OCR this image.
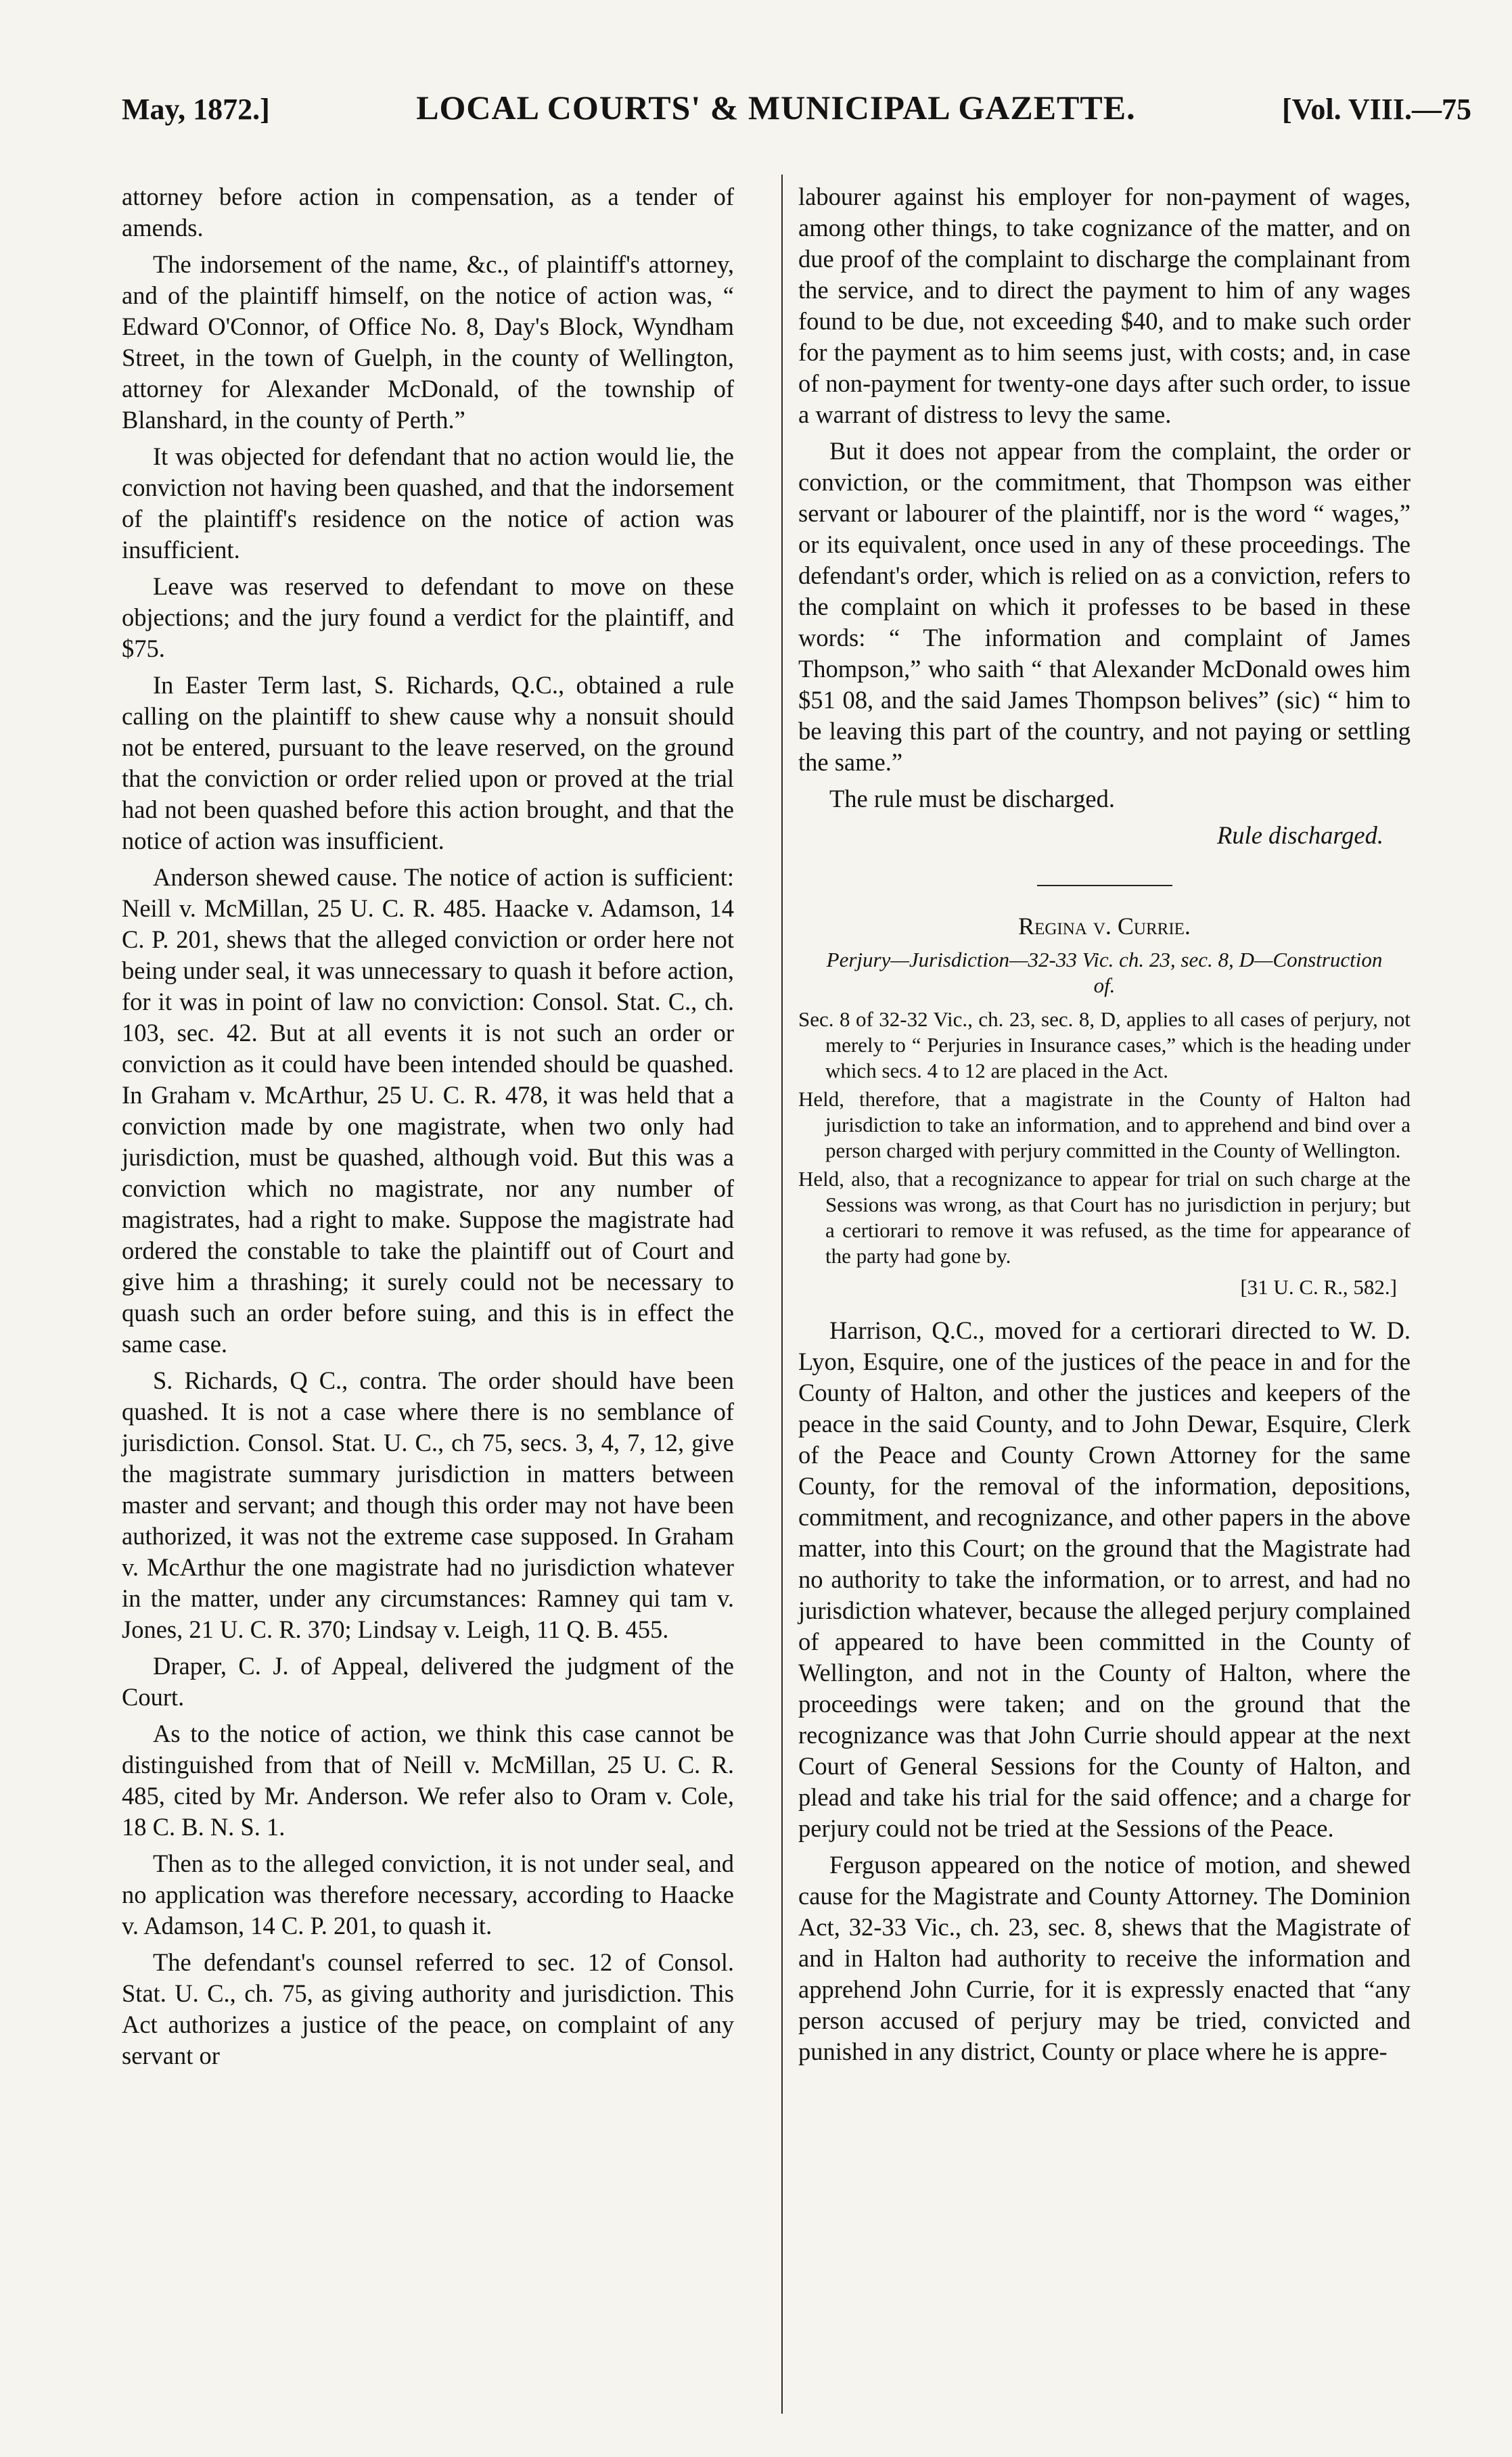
May, 1872.]	LOCAL COURTS' & MUNICIPAL GAZETTE.	[Vol. VIII.—75

attorney before action in compensation, as a tender of amends.

The indorsement of the name, &c., of plaintiff's attorney, and of the plaintiff himself, on the notice of action was, “ Edward O'Connor, of Office No. 8, Day's Block, Wyndham Street, in the town of Guelph, in the county of Wellington, attorney for Alexander McDonald, of the township of Blanshard, in the county of Perth.”

It was objected for defendant that no action would lie, the conviction not having been quashed, and that the indorsement of the plaintiff's residence on the notice of action was insufficient.

Leave was reserved to defendant to move on these objections; and the jury found a verdict for the plaintiff, and $75.

In Easter Term last, S. Richards, Q.C., obtained a rule calling on the plaintiff to shew cause why a nonsuit should not be entered, pursuant to the leave reserved, on the ground that the conviction or order relied upon or proved at the trial had not been quashed before this action brought, and that the notice of action was insufficient.

Anderson shewed cause. The notice of action is sufficient: Neill v. McMillan, 25 U. C. R. 485. Haacke v. Adamson, 14 C. P. 201, shews that the alleged conviction or order here not being under seal, it was unnecessary to quash it before action, for it was in point of law no conviction: Consol. Stat. C., ch. 103, sec. 42. But at all events it is not such an order or conviction as it could have been intended should be quashed. In Graham v. McArthur, 25 U. C. R. 478, it was held that a conviction made by one magistrate, when two only had jurisdiction, must be quashed, although void. But this was a conviction which no magistrate, nor any number of magistrates, had a right to make. Suppose the magistrate had ordered the constable to take the plaintiff out of Court and give him a thrashing; it surely could not be necessary to quash such an order before suing, and this is in effect the same case.

S. Richards, Q C., contra. The order should have been quashed. It is not a case where there is no semblance of jurisdiction. Consol. Stat. U. C., ch 75, secs. 3, 4, 7, 12, give the magistrate summary jurisdiction in matters between master and servant; and though this order may not have been authorized, it was not the extreme case supposed. In Graham v. McArthur the one magistrate had no jurisdiction whatever in the matter, under any circumstances: Ramney qui tam v. Jones, 21 U. C. R. 370; Lindsay v. Leigh, 11 Q. B. 455.

Draper, C. J. of Appeal, delivered the judgment of the Court.

As to the notice of action, we think this case cannot be distinguished from that of Neill v. McMillan, 25 U. C. R. 485, cited by Mr. Anderson. We refer also to Oram v. Cole, 18 C. B. N. S. 1.

Then as to the alleged conviction, it is not under seal, and no application was therefore necessary, according to Haacke v. Adamson, 14 C. P. 201, to quash it.

The defendant's counsel referred to sec. 12 of Consol. Stat. U. C., ch. 75, as giving authority and jurisdiction. This Act authorizes a justice of the peace, on complaint of any servant or

labourer against his employer for non-payment of wages, among other things, to take cognizance of the matter, and on due proof of the complaint to discharge the complainant from the service, and to direct the payment to him of any wages found to be due, not exceeding $40, and to make such order for the payment as to him seems just, with costs; and, in case of non-payment for twenty-one days after such order, to issue a warrant of distress to levy the same.

But it does not appear from the complaint, the order or conviction, or the commitment, that Thompson was either servant or labourer of the plaintiff, nor is the word “ wages,” or its equivalent, once used in any of these proceedings. The defendant's order, which is relied on as a conviction, refers to the complaint on which it professes to be based in these words: “ The information and complaint of James Thompson,” who saith “ that Alexander McDonald owes him $51 08, and the said James Thompson belives” (sic) “ him to be leaving this part of the country, and not paying or settling the same.”

The rule must be discharged.

Rule discharged.
Regina v. Currie.
Perjury—Jurisdiction—32-33 Vic. ch. 23, sec. 8, D—Construction of.
Sec. 8 of 32-32 Vic., ch. 23, sec. 8, D, applies to all cases of perjury, not merely to “ Perjuries in Insurance cases,” which is the heading under which secs. 4 to 12 are placed in the Act.
Held, therefore, that a magistrate in the County of Halton had jurisdiction to take an information, and to apprehend and bind over a person charged with perjury committed in the County of Wellington.
Held, also, that a recognizance to appear for trial on such charge at the Sessions was wrong, as that Court has no jurisdiction in perjury; but a certiorari to remove it was refused, as the time for appearance of the party had gone by.
[31 U. C. R., 582.]

Harrison, Q.C., moved for a certiorari directed to W. D. Lyon, Esquire, one of the justices of the peace in and for the County of Halton, and other the justices and keepers of the peace in the said County, and to John Dewar, Esquire, Clerk of the Peace and County Crown Attorney for the same County, for the removal of the information, depositions, commitment, and recognizance, and other papers in the above matter, into this Court; on the ground that the Magistrate had no authority to take the information, or to arrest, and had no jurisdiction whatever, because the alleged perjury complained of appeared to have been committed in the County of Wellington, and not in the County of Halton, where the proceedings were taken; and on the ground that the recognizance was that John Currie should appear at the next Court of General Sessions for the County of Halton, and plead and take his trial for the said offence; and a charge for perjury could not be tried at the Sessions of the Peace.

Ferguson appeared on the notice of motion, and shewed cause for the Magistrate and County Attorney. The Dominion Act, 32-33 Vic., ch. 23, sec. 8, shews that the Magistrate of and in Halton had authority to receive the information and apprehend John Currie, for it is expressly enacted that “any person accused of perjury may be tried, convicted and punished in any district, County or place where he is appre-
